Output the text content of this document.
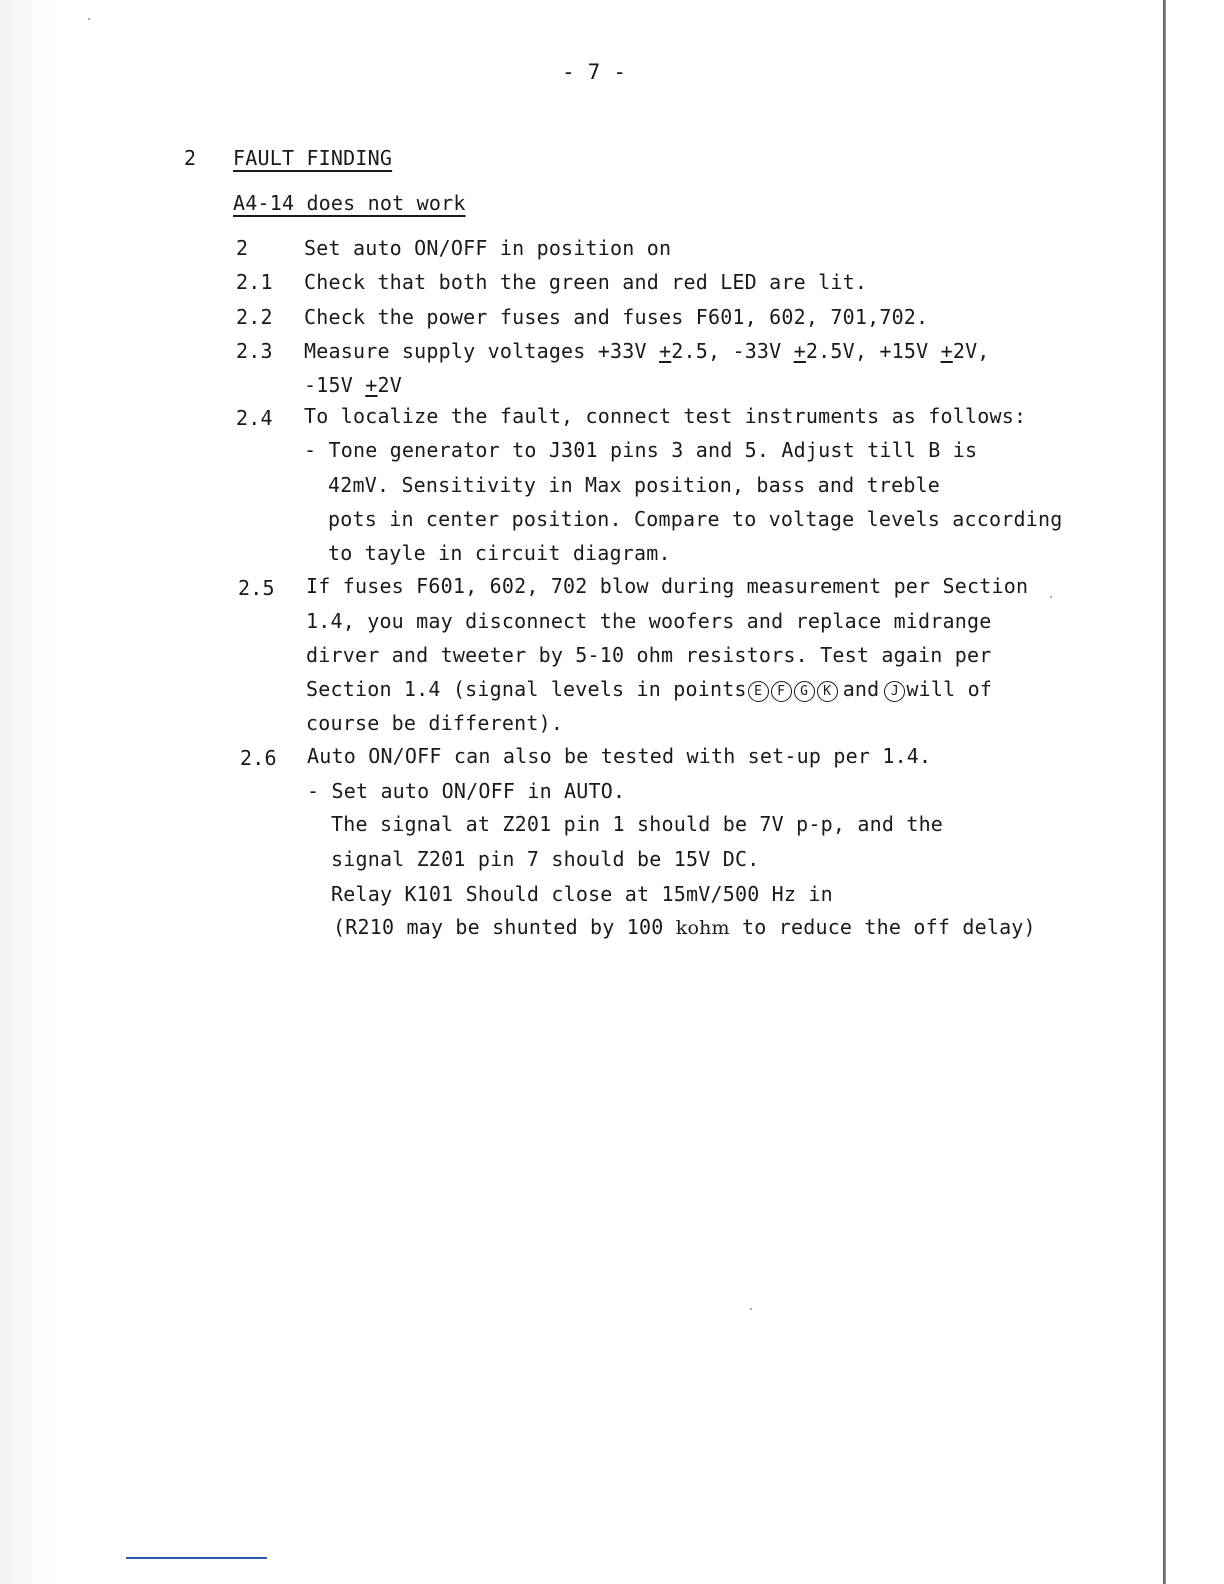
- 7 -
2 FAULT FINDING
A4-14 does not work
2	Set auto ON/OFF in position on
2.1 Check that both the green and red LED are lit.
2.2 Check the power fuses and fuses F601, 602, 701,702.
2.3 Measure supply voltages +33V +2.5, -33V +2.5V, +15V +2V,
-15V +2V
2.4 To localize the fault, connect test instruments as follows:
- Tone generator to J301 pins 3 and 5. Adjust till B is
42mV. Sensitivity in Max position, bass and treble
pots in center position. Compare to voltage levels according
to tayle in circuit diagram.
2.5 If fuses F601, 602, 702 blow during measurement per Section
1.4, you may disconnect the woofers and replace midrange
dirver and tweeter by 5-10 ohm resistors. Test again per
Section 1.4 (signal levels in points E F G K and J will of
course be different).
2.6 Auto ON/OFF can also be tested with set-up per 1.4.
- Set auto ON/OFF in AUTO.
The signal at Z201 pin 1 should be 7V p-p, and the
signal Z201 pin 7 should be 15V DC.
Relay K101 Should close at 15mV/500 Hz in
(R210 may be shunted by 100 kohm to reduce the off delay)
